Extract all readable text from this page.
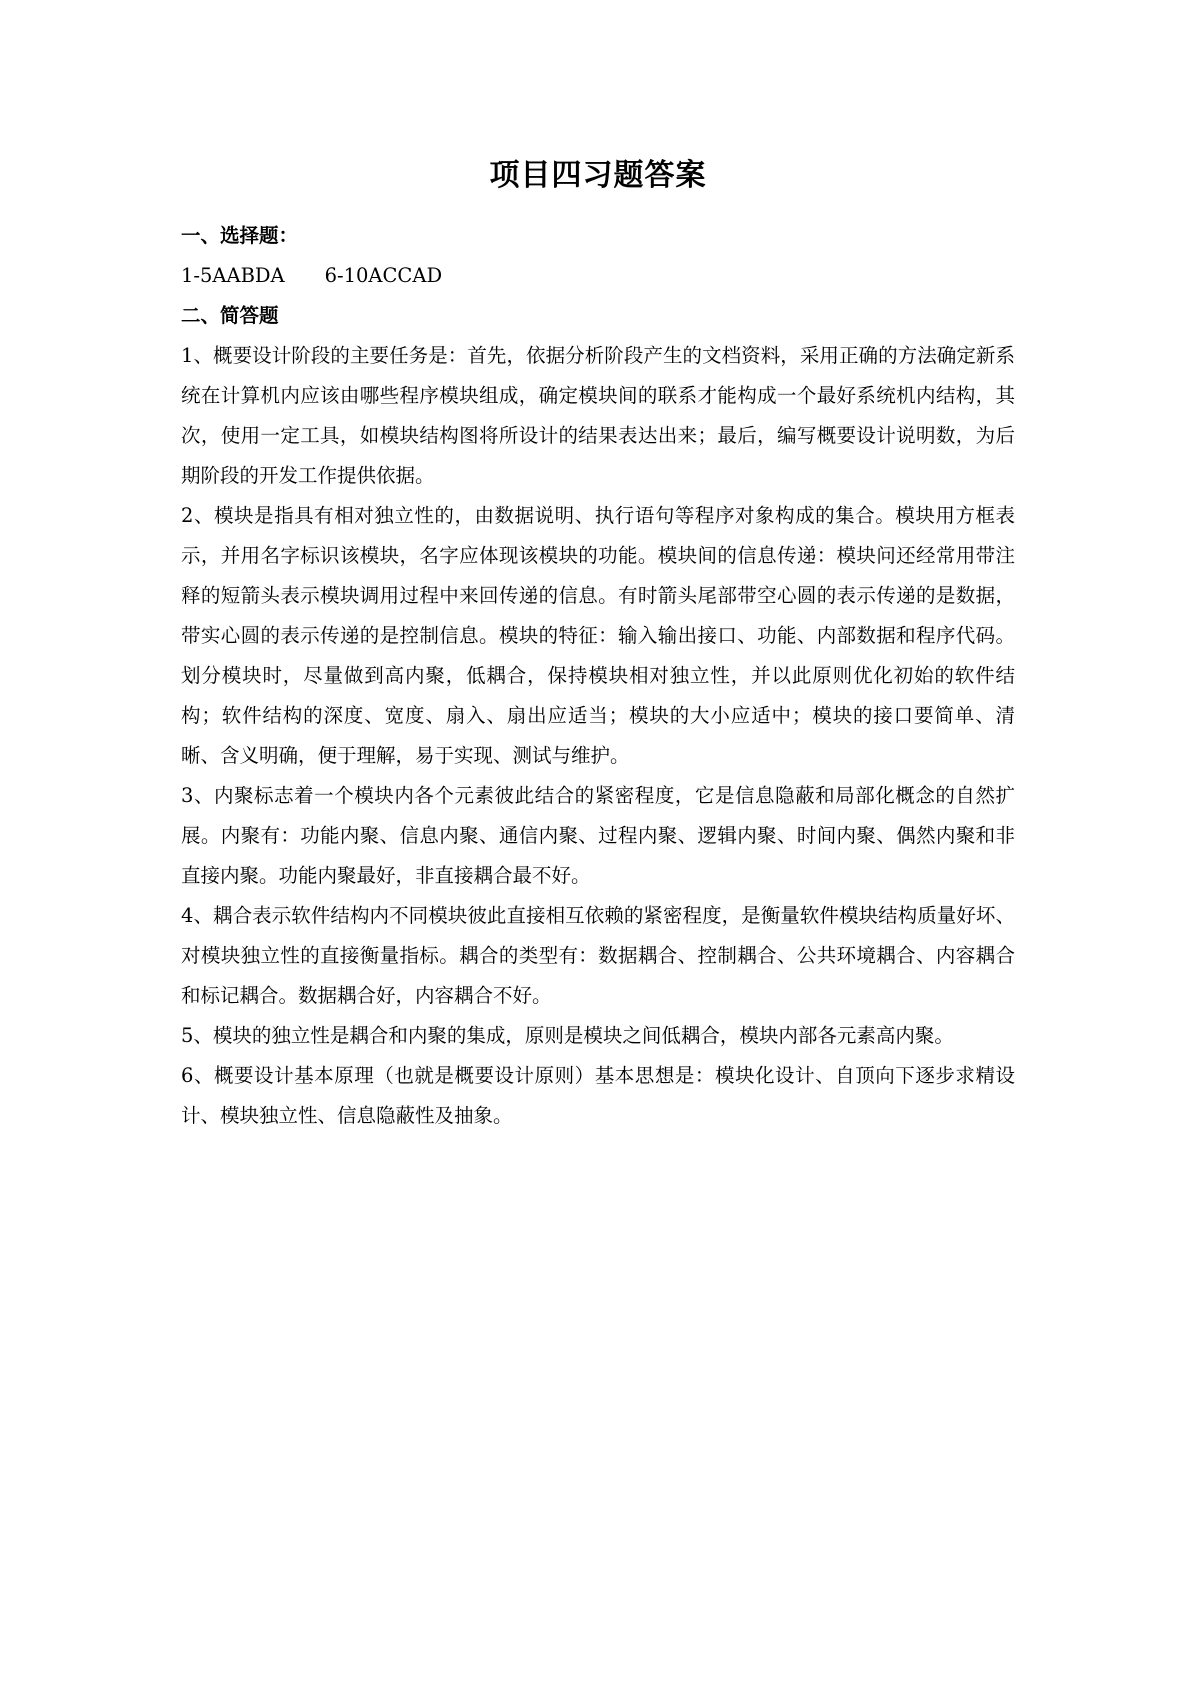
项目四习题答案

一、选择题：

1-5AABDA 6-10ACCAD

二、简答题

1、概要设计阶段的主要任务是：首先，依据分析阶段产生的文档资料，采用正确的方法确定新系统在计算机内应该由哪些程序模块组成，确定模块间的联系才能构成一个最好系统机内结构，其次，使用一定工具，如模块结构图将所设计的结果表达出来；最后，编写概要设计说明数，为后期阶段的开发工作提供依据。

2、模块是指具有相对独立性的，由数据说明、执行语句等程序对象构成的集合。模块用方框表示，并用名字标识该模块，名字应体现该模块的功能。模块间的信息传递：模块问还经常用带注释的短箭头表示模块调用过程中来回传递的信息。有时箭头尾部带空心圆的表示传递的是数据，带实心圆的表示传递的是控制信息。模块的特征：输入输出接口、功能、内部数据和程序代码。划分模块时，尽量做到高内聚，低耦合，保持模块相对独立性，并以此原则优化初始的软件结构；软件结构的深度、宽度、扇入、扇出应适当；模块的大小应适中；模块的接口要简单、清晰、含义明确，便于理解，易于实现、测试与维护。

3、内聚标志着一个模块内各个元素彼此结合的紧密程度，它是信息隐蔽和局部化概念的自然扩展。内聚有：功能内聚、信息内聚、通信内聚、过程内聚、逻辑内聚、时间内聚、偶然内聚和非直接内聚。功能内聚最好，非直接耦合最不好。

4、耦合表示软件结构内不同模块彼此直接相互依赖的紧密程度，是衡量软件模块结构质量好坏、对模块独立性的直接衡量指标。耦合的类型有：数据耦合、控制耦合、公共环境耦合、内容耦合和标记耦合。数据耦合好，内容耦合不好。

5、模块的独立性是耦合和内聚的集成，原则是模块之间低耦合，模块内部各元素高内聚。

6、概要设计基本原理（也就是概要设计原则）基本思想是：模块化设计、自顶向下逐步求精设计、模块独立性、信息隐蔽性及抽象。
